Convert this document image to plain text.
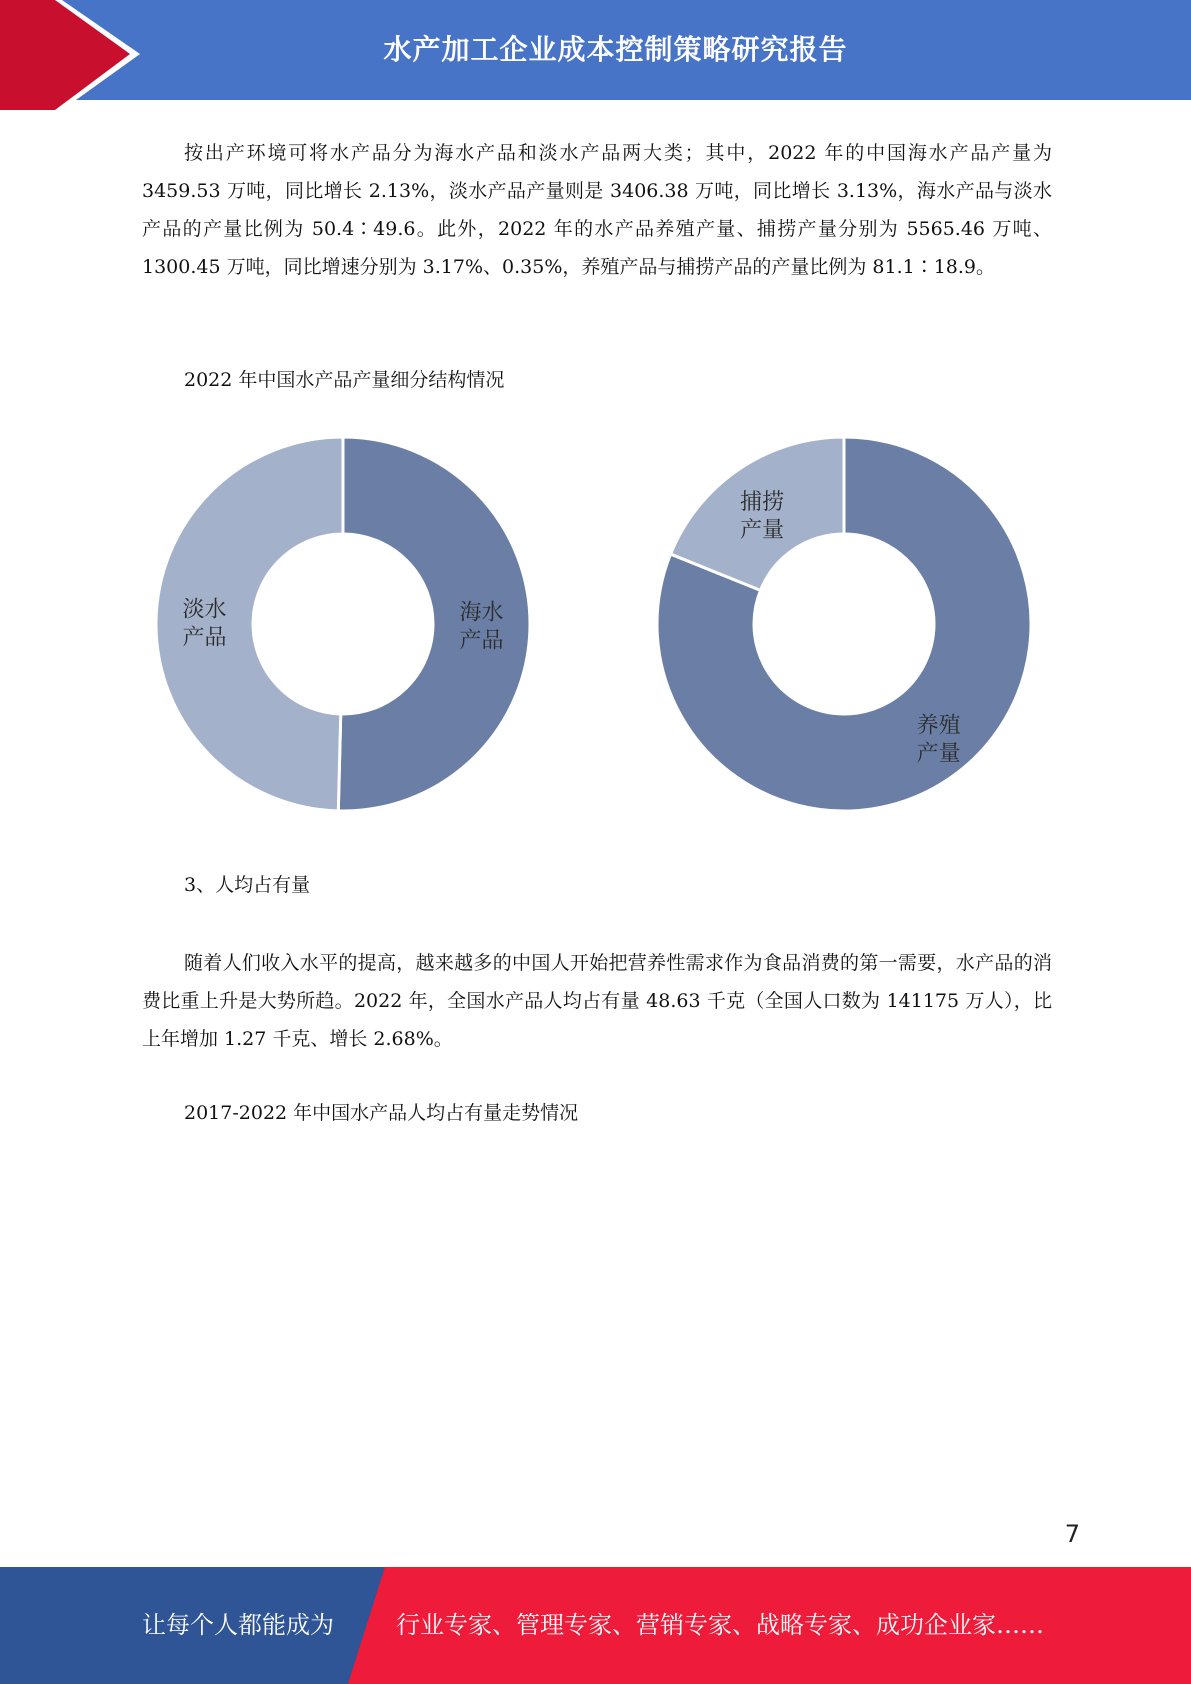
水产加工企业成本控制策略研究报告

按出产环境可将水产品分为海水产品和淡水产品两大类；其中，2022 年的中国海水产品产量为 3459.53 万吨，同比增长 2.13%，淡水产品产量则是 3406.38 万吨，同比增长 3.13%，海水产品与淡水产品的产量比例为 50.4∶49.6。此外，2022 年的水产品养殖产量、捕捞产量分别为 5565.46 万吨、1300.45 万吨，同比增速分别为 3.17%、0.35%，养殖产品与捕捞产品的产量比例为 81.1∶18.9。

2022 年中国水产品产量细分结构情况

海水产品
淡水产品
养殖产量
捕捞产量

3、人均占有量

随着人们收入水平的提高，越来越多的中国人开始把营养性需求作为食品消费的第一需要，水产品的消费比重上升是大势所趋。2022 年，全国水产品人均占有量 48.63 千克（全国人口数为 141175 万人），比上年增加 1.27 千克、增长 2.68%。

2017-2022 年中国水产品人均占有量走势情况

7
让每个人都能成为	行业专家、管理专家、营销专家、战略专家、成功企业家……
